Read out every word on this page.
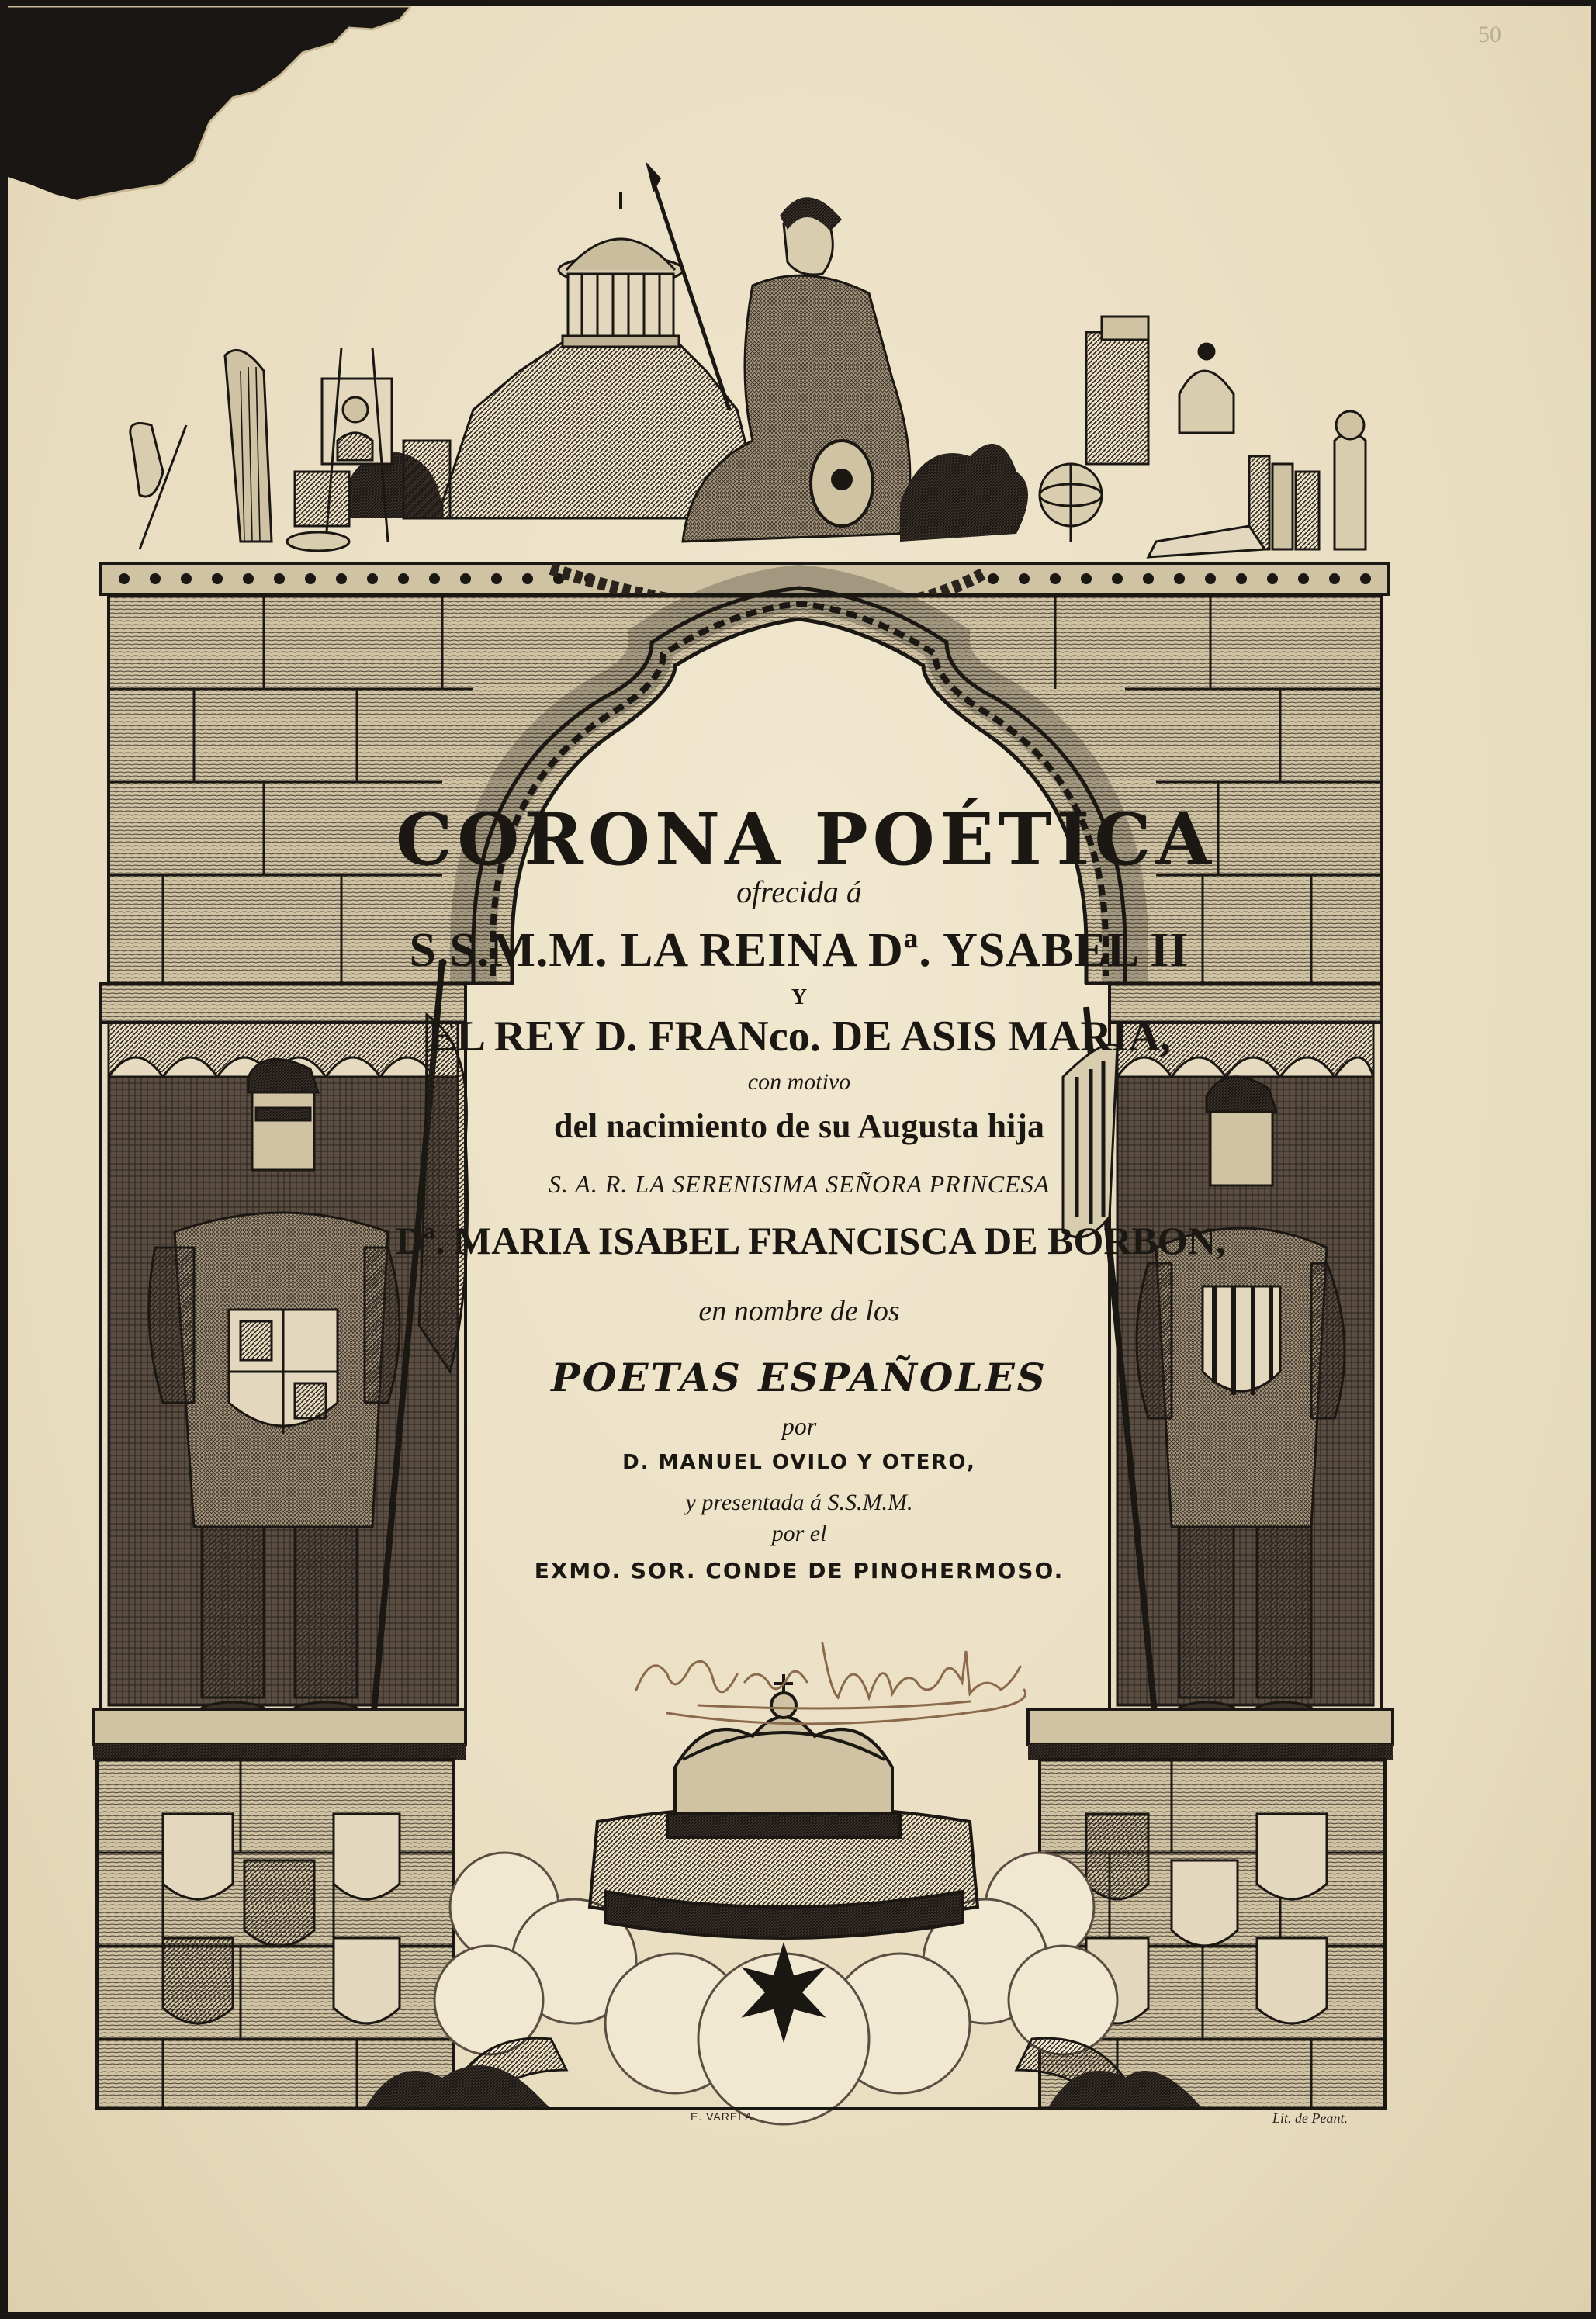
50
CORONA POÉTICA
ofrecida á
S.S.M.M. LA REINA Dª. YSABEL II
Y
EL REY D. FRANco. DE ASIS MARIA,
con motivo
del nacimiento de su Augusta hija
S. A. R. LA SERENISIMA SEÑORA PRINCESA
Dª. MARIA ISABEL FRANCISCA DE BORBON,
en nombre de los
POETAS ESPAÑOLES
por
D. MANUEL OVILO Y OTERO,
y presentada á S.S.M.M.
por el
EXMO. SOR. CONDE DE PINOHERMOSO.
E. VARELA.	Lit. de Peant.
